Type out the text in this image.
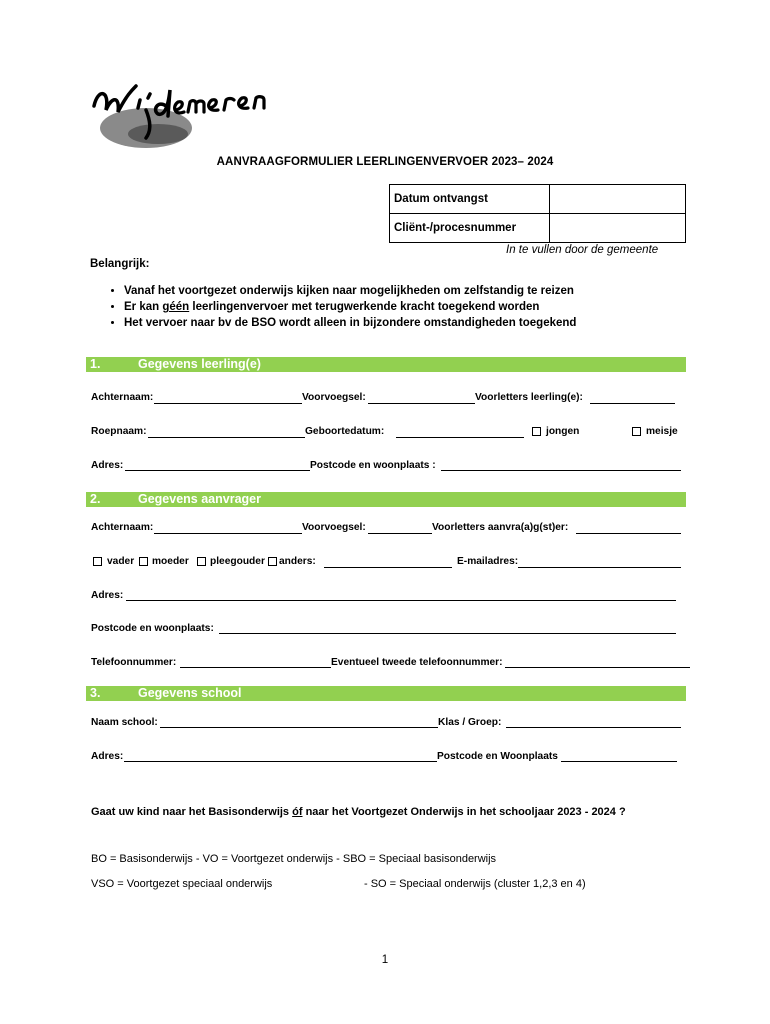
AANVRAAGFORMULIER LEERLINGENVERVOER 2023– 2024
Datum ontvangst	
Cliënt-/procesnummer	
In te vullen door de gemeente
Belangrijk:
• Vanaf het voortgezet onderwijs kijken naar mogelijkheden om zelfstandig te reizen
• Er kan géén leerlingenvervoer met terugwerkende kracht toegekend worden
• Het vervoer naar bv de BSO wordt alleen in bijzondere omstandigheden toegekend
1.	Gegevens leerling(e)
Achternaam:	Voorvoegsel:	Voorletters leerling(e):
Roepnaam:	Geboortedatum:	jongen	meisje
Adres:	Postcode en woonplaats :
2.	Gegevens aanvrager
Achternaam:	Voorvoegsel:	Voorletters aanvra(a)g(st)er:
vader moeder pleegouder anders:	E-mailadres:
Adres:
Postcode en woonplaats:
Telefoonnummer:	Eventueel tweede telefoonnummer:
3.	Gegevens school
Naam school:	Klas / Groep:
Adres:	Postcode en Woonplaats
Gaat uw kind naar het Basisonderwijs óf naar het Voortgezet Onderwijs in het schooljaar 2023 - 2024 ?
BO = Basisonderwijs - VO = Voortgezet onderwijs - SBO = Speciaal basisonderwijs
VSO = Voortgezet speciaal onderwijs	- SO = Speciaal onderwijs (cluster 1,2,3 en 4)
1
